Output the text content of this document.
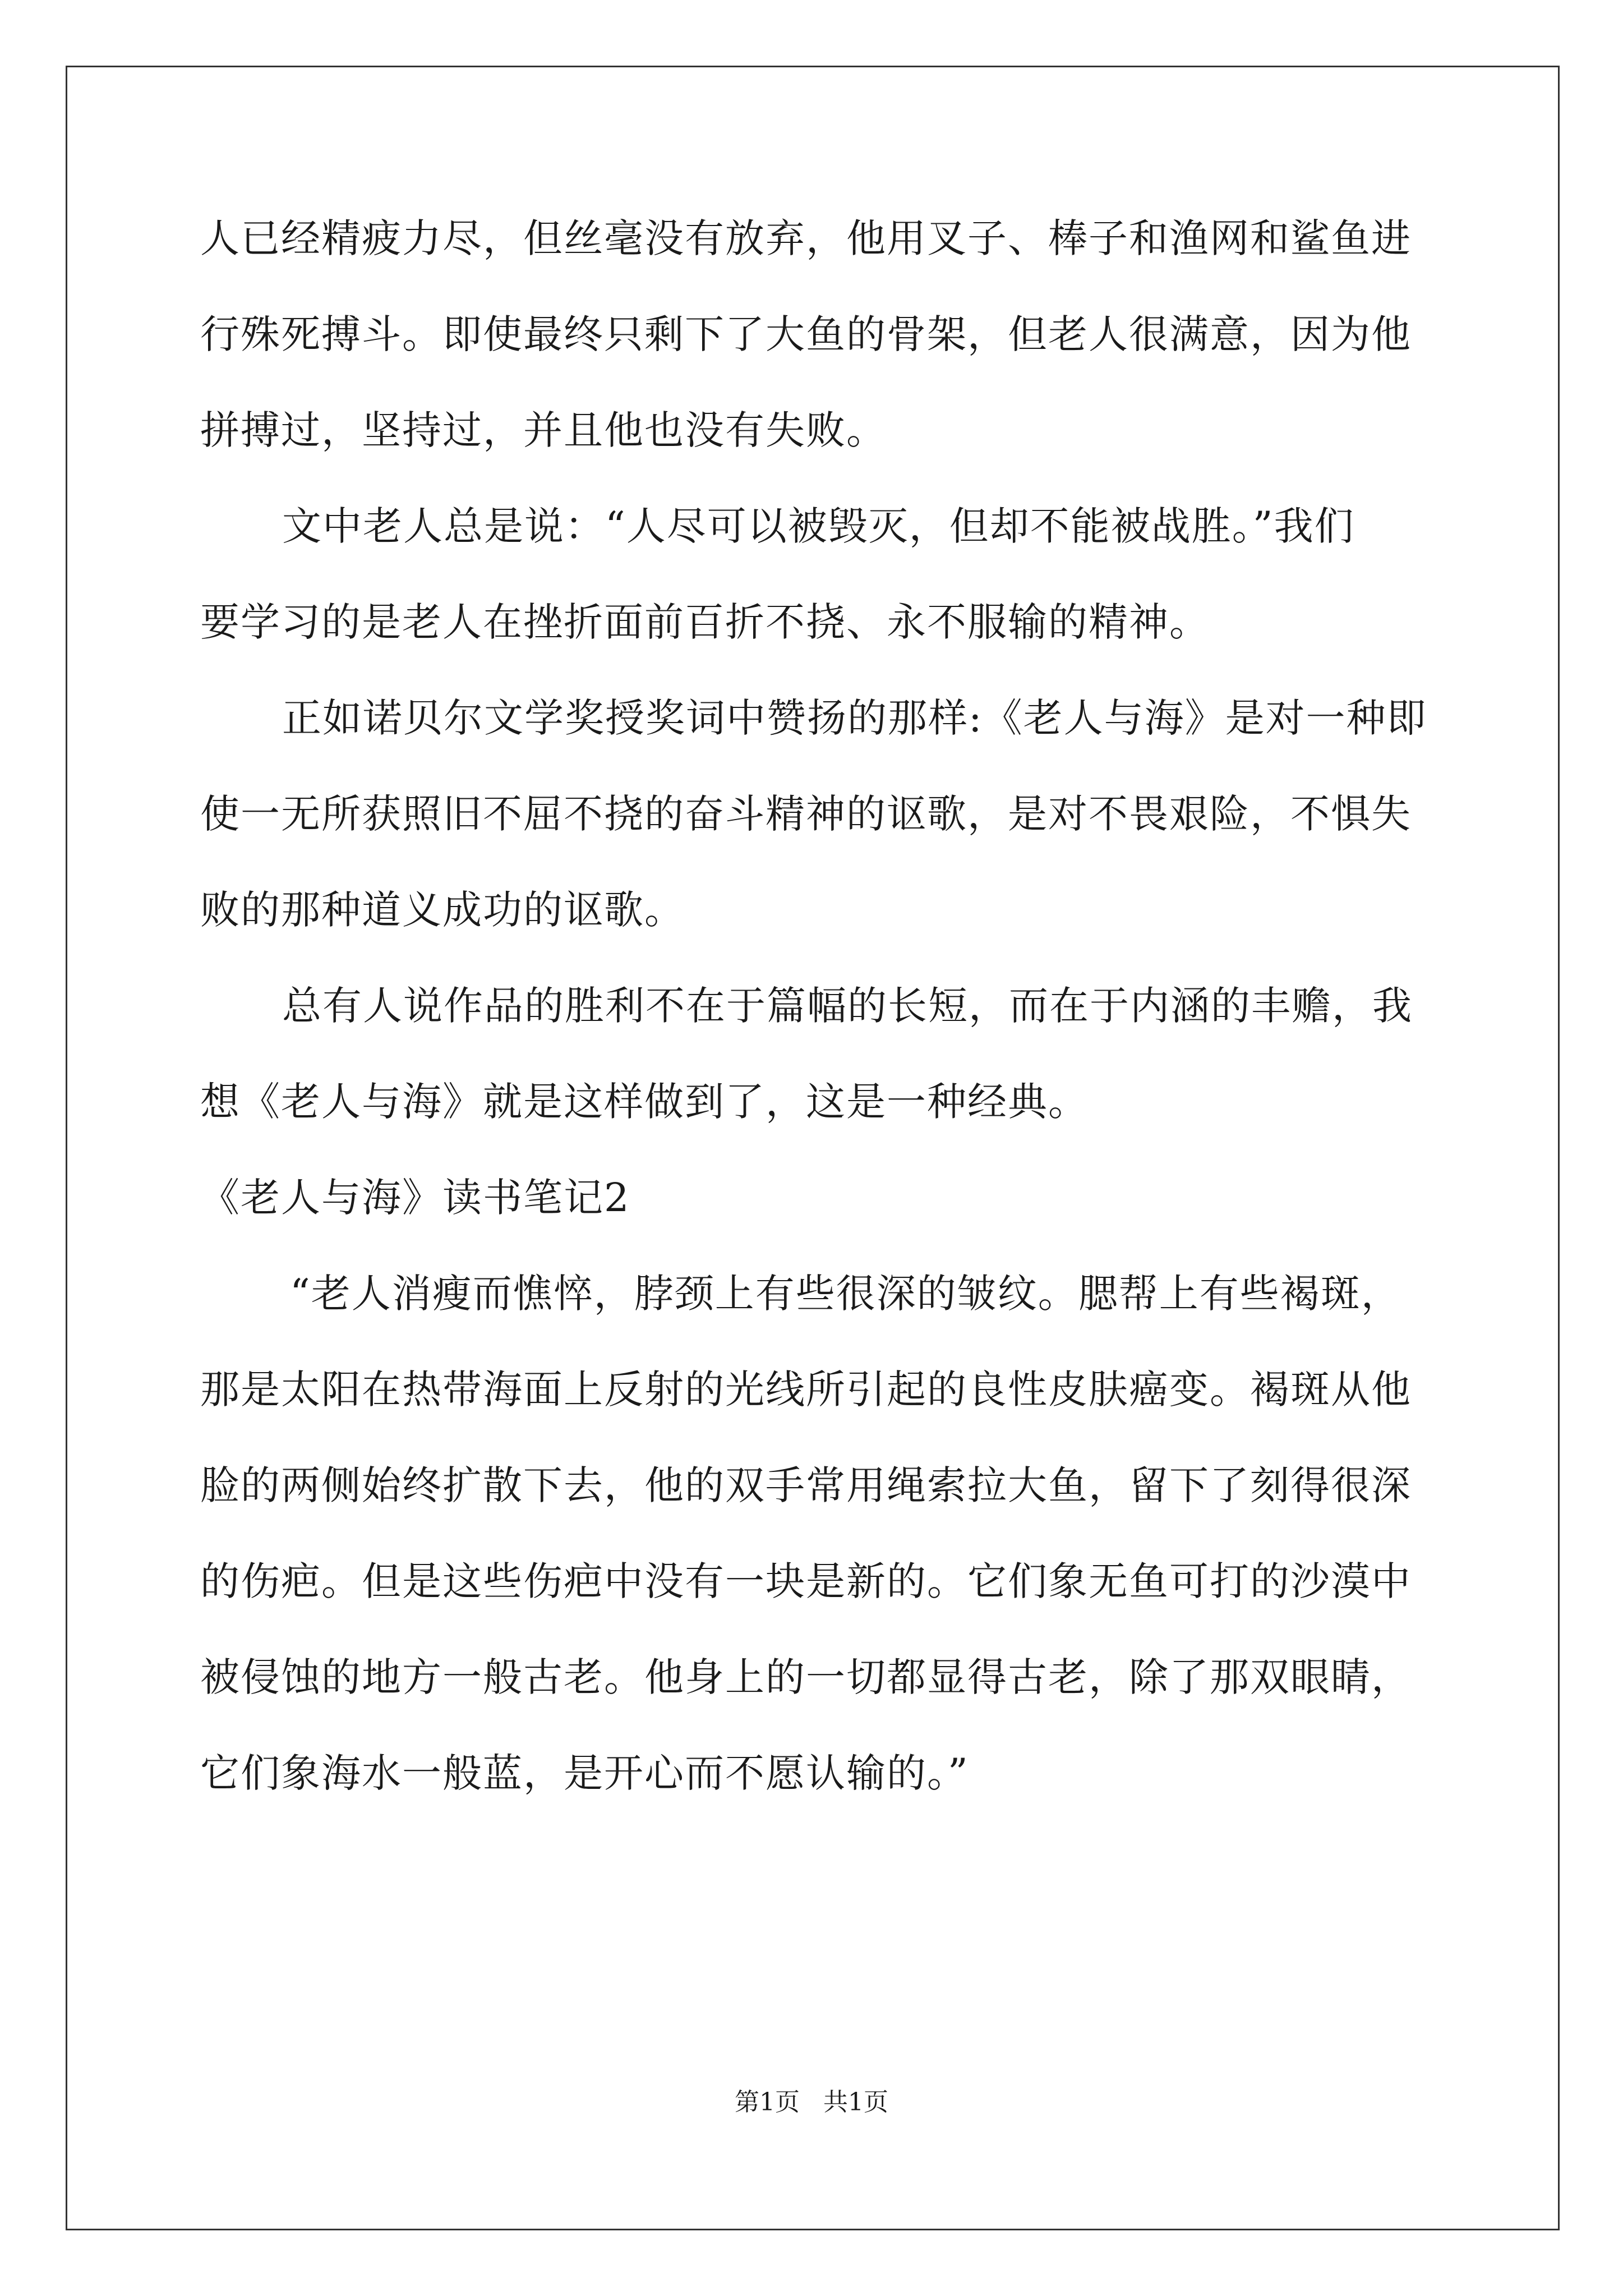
人已经精疲力尽，但丝毫没有放弃，他用叉子、棒子和渔网和鲨鱼进
行殊死搏斗。即使最终只剩下了大鱼的骨架，但老人很满意，因为他
拼搏过，坚持过，并且他也没有失败。
文中老人总是说：“人尽可以被毁灭，但却不能被战胜。”我们
要学习的是老人在挫折面前百折不挠、永不服输的精神。
正如诺贝尔文学奖授奖词中赞扬的那样:《老人与海》是对一种即
使一无所获照旧不屈不挠的奋斗精神的讴歌，是对不畏艰险，不惧失
败的那种道义成功的讴歌。
总有人说作品的胜利不在于篇幅的长短，而在于内涵的丰赡，我
想《老人与海》就是这样做到了，这是一种经典。
《老人与海》读书笔记2
“老人消瘦而憔悴，脖颈上有些很深的皱纹。腮帮上有些褐斑，
那是太阳在热带海面上反射的光线所引起的良性皮肤癌变。褐斑从他
脸的两侧始终扩散下去，他的双手常用绳索拉大鱼，留下了刻得很深
的伤疤。但是这些伤疤中没有一块是新的。它们象无鱼可打的沙漠中
被侵蚀的地方一般古老。他身上的一切都显得古老，除了那双眼睛，
它们象海水一般蓝，是开心而不愿认输的。”
第1页   共1页
